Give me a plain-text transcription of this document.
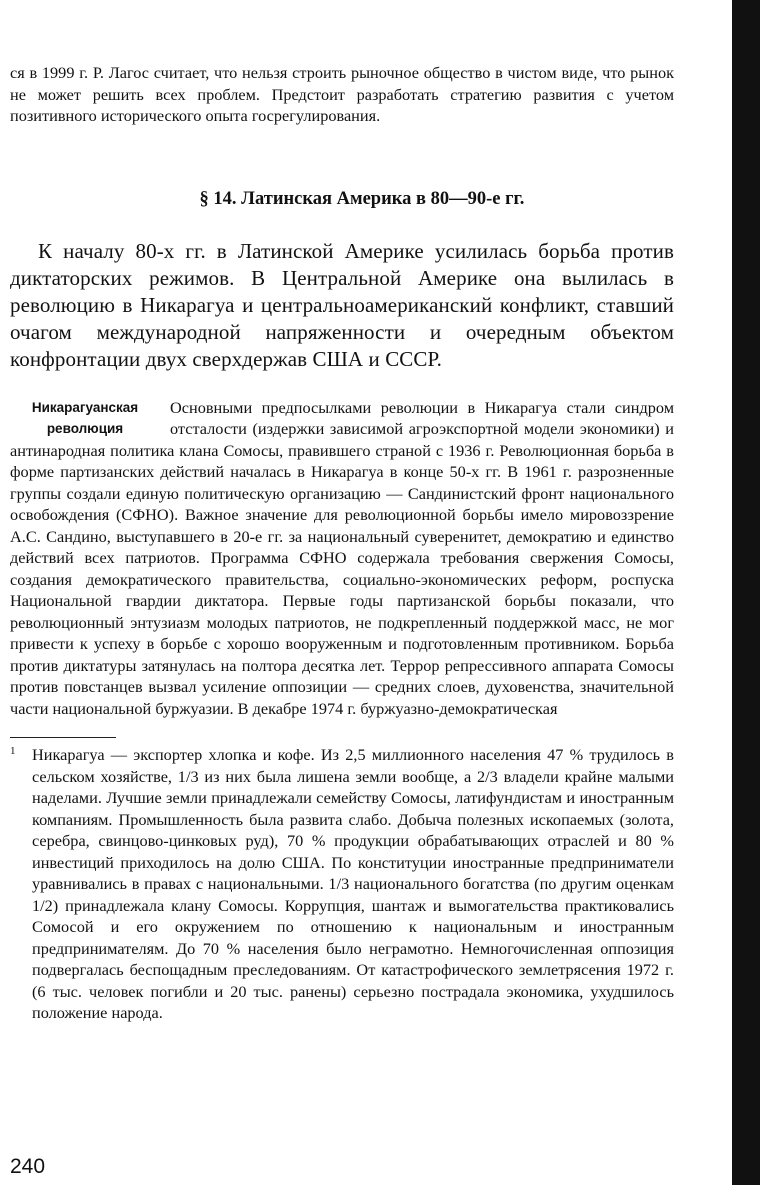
ся в 1999 г. Р. Лагос считает, что нельзя строить рыночное общество в чистом виде, что рынок не может решить всех проблем. Предстоит разработать стратегию развития с учетом позитивного исторического опыта госрегулирования.

§ 14. Латинская Америка в 80—90-е гг.

К началу 80-х гг. в Латинской Америке усилилась борьба против диктаторских режимов. В Центральной Америке она вылилась в революцию в Никарагуа и центральноамериканский конфликт, ставший очагом международной напряженности и очередным объектом конфронтации двух сверхдержав США и СССР.

Никарагуанская революция

Основными предпосылками революции в Никарагуа стали синдром отсталости (издержки зависимой агроэкспортной модели экономики) и антинародная политика клана Сомосы, правившего страной с 1936 г. Революционная борьба в форме партизанских действий началась в Никарагуа в конце 50-х гг. В 1961 г. разрозненные группы создали единую политическую организацию — Сандинистский фронт национального освобождения (СФНО). Важное значение для революционной борьбы имело мировоззрение А.С. Сандино, выступавшего в 20-е гг. за национальный суверенитет, демократию и единство действий всех патриотов. Программа СФНО содержала требования свержения Сомосы, создания демократического правительства, социально-экономических реформ, роспуска Национальной гвардии диктатора. Первые годы партизанской борьбы показали, что революционный энтузиазм молодых патриотов, не подкрепленный поддержкой масс, не мог привести к успеху в борьбе с хорошо вооруженным и подготовленным противником. Борьба против диктатуры затянулась на полтора десятка лет. Террор репрессивного аппарата Сомосы против повстанцев вызвал усиление оппозиции — средних слоев, духовенства, значительной части национальной буржуазии. В декабре 1974 г. буржуазно-демократическая

1 Никарагуа — экспортер хлопка и кофе. Из 2,5 миллионного населения 47 % трудилось в сельском хозяйстве, 1/3 из них была лишена земли вообще, а 2/3 владели крайне малыми наделами. Лучшие земли принадлежали семейству Сомосы, латифундистам и иностранным компаниям. Промышленность была развита слабо. Добыча полезных ископаемых (золота, серебра, свинцово-цинковых руд), 70 % продукции обрабатывающих отраслей и 80 % инвестиций приходилось на долю США. По конституции иностранные предприниматели уравнивались в правах с национальными. 1/3 национального богатства (по другим оценкам 1/2) принадлежала клану Сомосы. Коррупция, шантаж и вымогательства практиковались Сомосой и его окружением по отношению к национальным и иностранным предпринимателям. До 70 % населения было неграмотно. Немногочисленная оппозиция подвергалась беспощадным преследованиям. От катастрофического землетрясения 1972 г. (6 тыс. человек погибли и 20 тыс. ранены) серьезно пострадала экономика, ухудшилось положение народа.

240
